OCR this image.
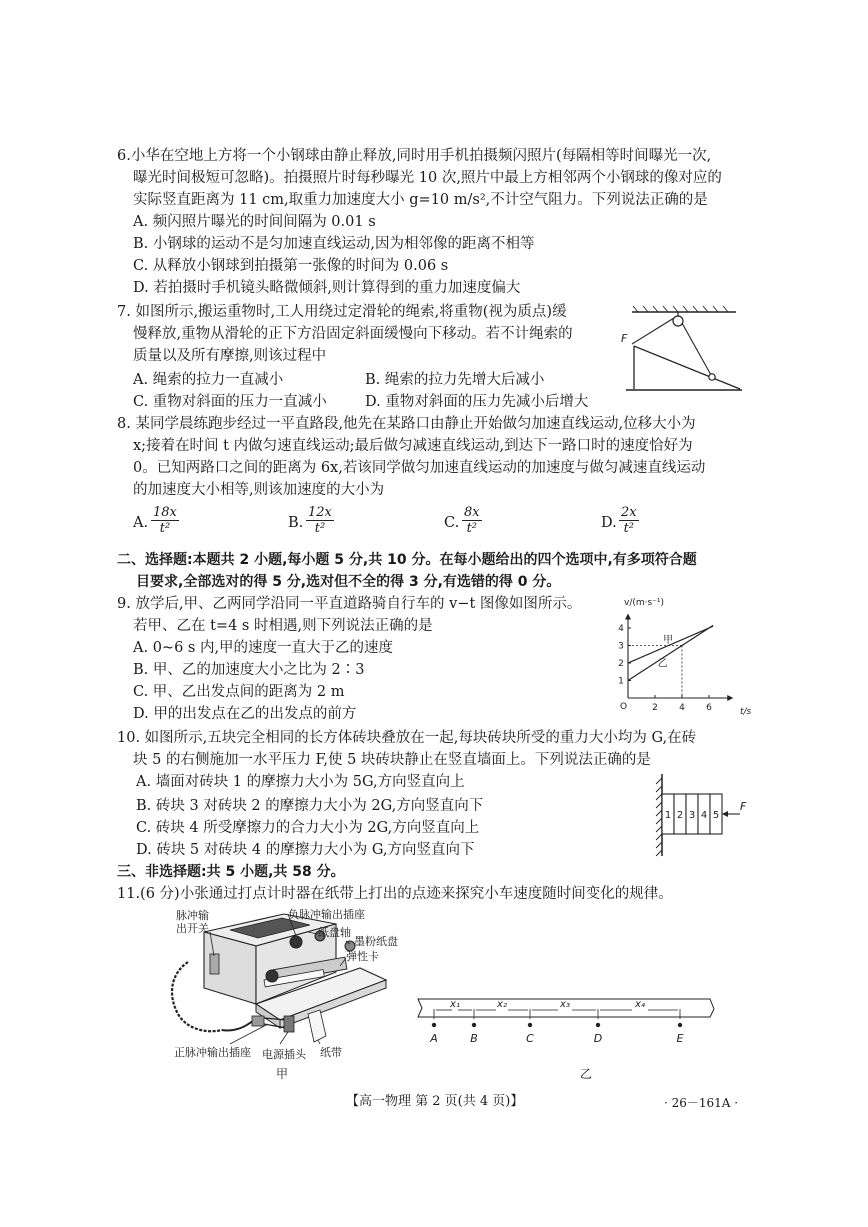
6.小华在空地上方将一个小钢球由静止释放,同时用手机拍摄频闪照片(每隔相等时间曝光一次,
曝光时间极短可忽略)。拍摄照片时每秒曝光 10 次,照片中最上方相邻两个小钢球的像对应的
实际竖直距离为 11 cm,取重力加速度大小 g=10 m/s²,不计空气阻力。下列说法正确的是
A. 频闪照片曝光的时间间隔为 0.01 s
B. 小钢球的运动不是匀加速直线运动,因为相邻像的距离不相等
C. 从释放小钢球到拍摄第一张像的时间为 0.06 s
D. 若拍摄时手机镜头略微倾斜,则计算得到的重力加速度偏大
7. 如图所示,搬运重物时,工人用绕过定滑轮的绳索,将重物(视为质点)缓
慢释放,重物从滑轮的正下方沿固定斜面缓慢向下移动。若不计绳索的
质量以及所有摩擦,则该过程中
A. 绳索的拉力一直减小	B. 绳索的拉力先增大后减小
C. 重物对斜面的压力一直减小	D. 重物对斜面的压力先减小后增大
F
8. 某同学晨练跑步经过一平直路段,他先在某路口由静止开始做匀加速直线运动,位移大小为
x;接着在时间 t 内做匀速直线运动;最后做匀减速直线运动,到达下一路口时的速度恰好为
0。已知两路口之间的距离为 6x,若该同学做匀加速直线运动的加速度与做匀减速直线运动
的加速度大小相等,则该加速度的大小为
A. $\frac{18x}{\text{t²}}$	B. $\frac{12x}{\text{t²}}$	C. $\frac{8x}{\text{t²}}$	D. $\frac{2x}{\text{t²}}$
二、选择题:本题共 2 小题,每小题 5 分,共 10 分。在每小题给出的四个选项中,有多项符合题
目要求,全部选对的得 5 分,选对但不全的得 3 分,有选错的得 0 分。
9. 放学后,甲、乙两同学沿同一平直道路骑自行车的 v−t 图像如图所示。
若甲、乙在 t=4 s 时相遇,则下列说法正确的是
A. 0~6 s 内,甲的速度一直大于乙的速度
B. 甲、乙的加速度大小之比为 2∶3
C. 甲、乙出发点间的距离为 2 m
D. 甲的出发点在乙的出发点的前方
v/(m·s⁻¹)
t/s
O	2 4 6
1
2
3
4
甲
乙
10. 如图所示,五块完全相同的长方体砖块叠放在一起,每块砖块所受的重力大小均为 G,在砖
块 5 的右侧施加一水平压力 F,使 5 块砖块静止在竖直墙面上。下列说法正确的是
A. 墙面对砖块 1 的摩擦力大小为 5G,方向竖直向上
B. 砖块 3 对砖块 2 的摩擦力大小为 2G,方向竖直向下
C. 砖块 4 所受摩擦力的合力大小为 2G,方向竖直向上
D. 砖块 5 对砖块 4 的摩擦力大小为 G,方向竖直向下
1 2 3 4 5
F
三、非选择题:共 5 小题,共 58 分。
11.(6 分)小张通过打点计时器在纸带上打出的点迹来探究小车速度随时间变化的规律。
脉冲输
出开关
负脉冲输出插座
纸盘轴
墨粉纸盘
弹性卡
正脉冲输出插座 电源插头 纸带
甲
x₁	x₂	x₃	x₄
A	B	C	D	E
乙
【高一物理 第 2 页(共 4 页)】	· 26－161A ·
